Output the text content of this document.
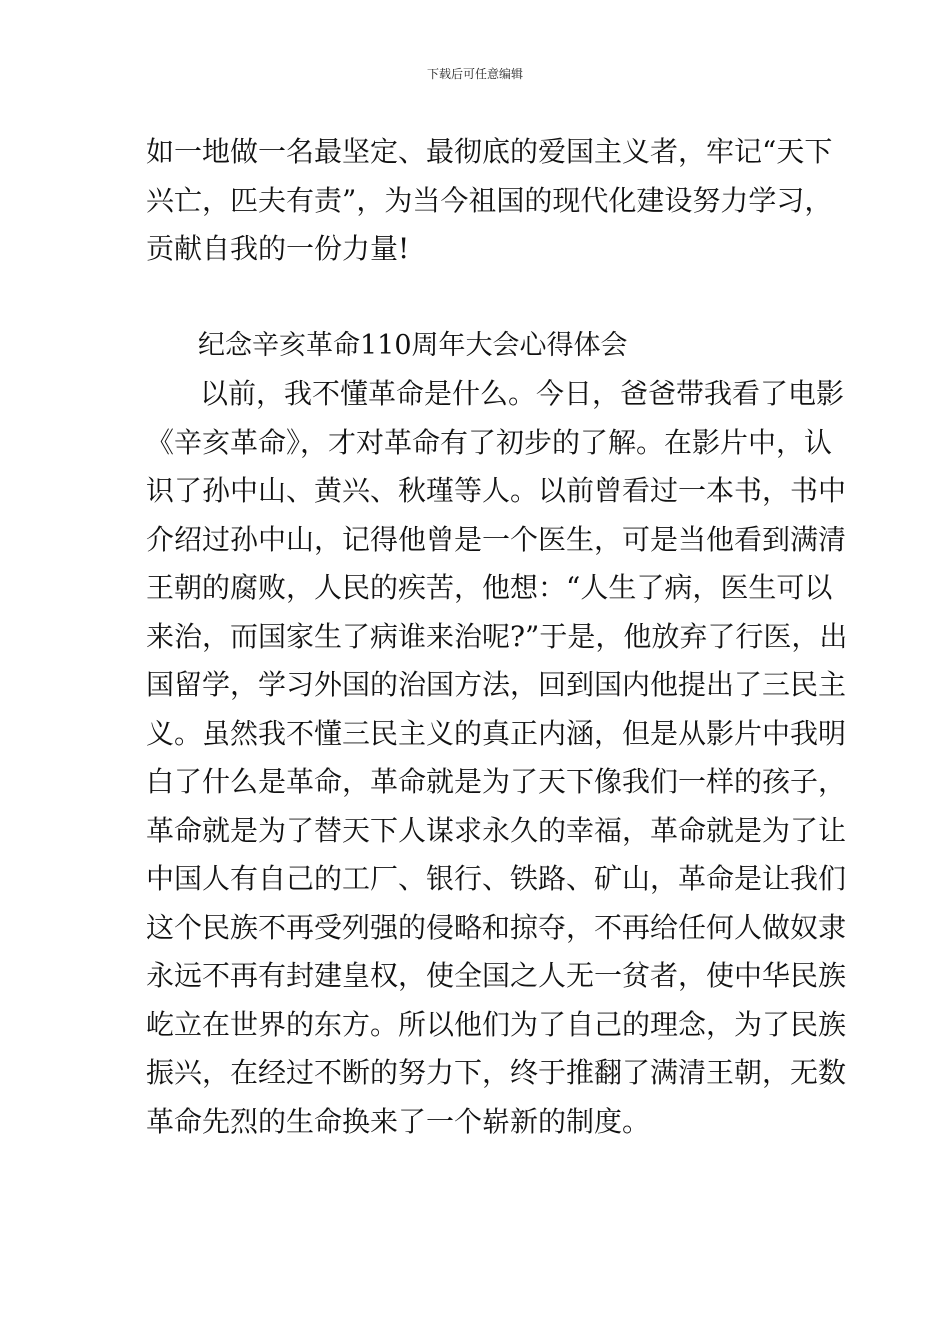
下载后可任意编辑
如一地做一名最坚定、最彻底的爱国主义者，牢记“天下
兴亡，匹夫有责”，为当今祖国的现代化建设努力学习，
贡献自我的一份力量!
纪念辛亥革命110周年大会心得体会
以前，我不懂革命是什么。今日，爸爸带我看了电影
《辛亥革命》，才对革命有了初步的了解。在影片中，认
识了孙中山、黄兴、秋瑾等人。以前曾看过一本书，书中
介绍过孙中山，记得他曾是一个医生，可是当他看到满清
王朝的腐败，人民的疾苦，他想：“人生了病，医生可以
来治，而国家生了病谁来治呢?”于是，他放弃了行医，出
国留学，学习外国的治国方法，回到国内他提出了三民主
义。虽然我不懂三民主义的真正内涵，但是从影片中我明
白了什么是革命，革命就是为了天下像我们一样的孩子，
革命就是为了替天下人谋求永久的幸福，革命就是为了让
中国人有自己的工厂、银行、铁路、矿山，革命是让我们
这个民族不再受列强的侵略和掠夺，不再给任何人做奴隶
永远不再有封建皇权，使全国之人无一贫者，使中华民族
屹立在世界的东方。所以他们为了自己的理念，为了民族
振兴，在经过不断的努力下，终于推翻了满清王朝，无数
革命先烈的生命换来了一个崭新的制度。
